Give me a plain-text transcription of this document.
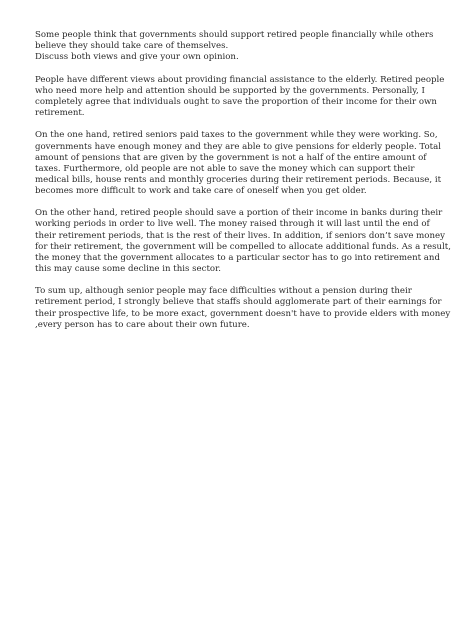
Some people think that governments should support retired people financially while others believe they should take care of themselves.

Discuss both views and give your own opinion.

People have different views about providing financial assistance to the elderly. Retired people who need more help and attention should be supported by the governments. Personally, I completely agree that individuals ought to save the proportion of their income for their own retirement.

On the one hand, retired seniors paid taxes to the government while they were working. So, governments have enough money and they are able to give pensions for elderly people. Total amount of pensions that are given by the government is not a half of the entire amount of taxes. Furthermore, old people are not able to save the money which can support their medical bills, house rents and monthly groceries during their retirement periods. Because, it becomes more difficult to work and take care of oneself when you get older.

On the other hand, retired people should save a portion of their income in banks during their working periods in order to live well. The money raised through it will last until the end of their retirement periods, that is the rest of their lives. In addition, if seniors don’t save money for their retirement, the government will be compelled to allocate additional funds. As a result, the money that the government allocates to a particular sector has to go into retirement and this may cause some decline in this sector.

To sum up, although senior people may face difficulties without a pension during their retirement period, I strongly believe that staffs should agglomerate part of their earnings for their prospective life, to be more exact, government doesn't have to provide elders with money ,every person has to care about their own future.
